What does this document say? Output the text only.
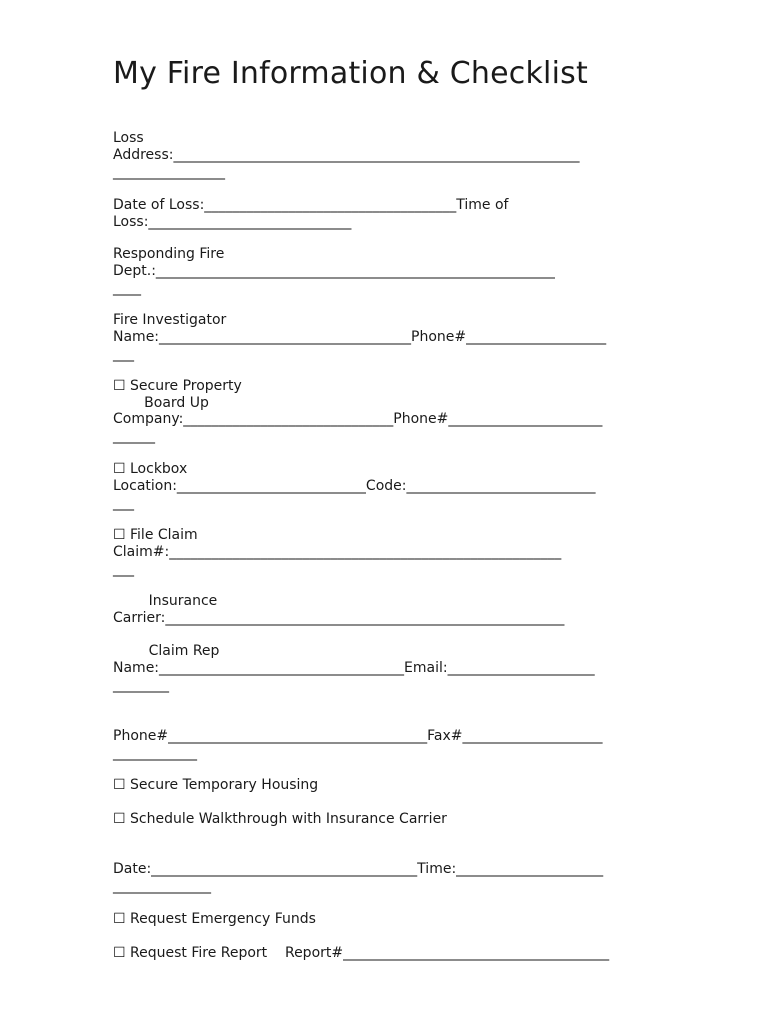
My Fire Information & Checklist
Loss
Address:__________________________________________________________
________________
Date of Loss:____________________________________Time of
Loss:_____________________________
Responding Fire
Dept.:_________________________________________________________
____
Fire Investigator
Name:____________________________________Phone#____________________
___
☐ Secure Property
Board Up
Company:______________________________Phone#______________________
______
☐ Lockbox
Location:___________________________Code:___________________________
___
☐ File Claim
Claim#:________________________________________________________
___
Insurance
Carrier:_________________________________________________________
Claim Rep
Name:___________________________________Email:_____________________
________
Phone#_____________________________________Fax#____________________
____________
☐ Secure Temporary Housing
☐ Schedule Walkthrough with Insurance Carrier
Date:______________________________________Time:_____________________
______________
☐ Request Emergency Funds
☐ Request Fire Report    Report#______________________________________
